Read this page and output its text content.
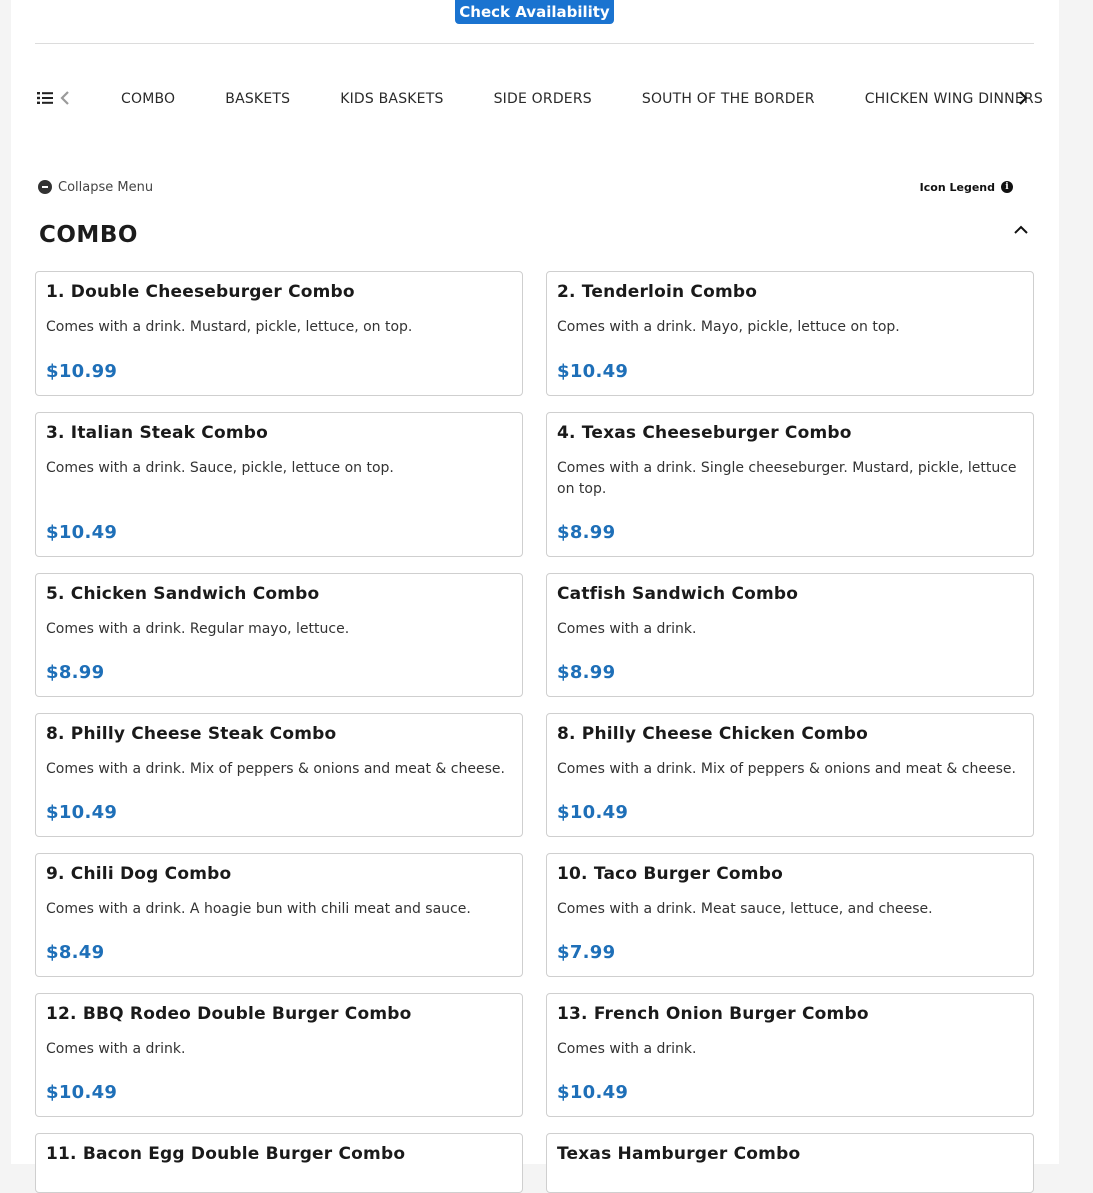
Check Availability
COMBO	BASKETS	KIDS BASKETS	SIDE ORDERS	SOUTH OF THE BORDER	CHICKEN WING DINNERS
Collapse Menu	Icon Legend	i
COMBO
1. Double Cheeseburger Combo
Comes with a drink. Mustard, pickle, lettuce, on top.
$10.99
2. Tenderloin Combo
Comes with a drink. Mayo, pickle, lettuce on top.
$10.49
3. Italian Steak Combo
Comes with a drink. Sauce, pickle, lettuce on top.
$10.49
4. Texas Cheeseburger Combo
Comes with a drink. Single cheeseburger. Mustard, pickle, lettuce on top.
$8.99
5. Chicken Sandwich Combo
Comes with a drink. Regular mayo, lettuce.
$8.99
Catfish Sandwich Combo
Comes with a drink.
$8.99
8. Philly Cheese Steak Combo
Comes with a drink. Mix of peppers & onions and meat & cheese.
$10.49
8. Philly Cheese Chicken Combo
Comes with a drink. Mix of peppers & onions and meat & cheese.
$10.49
9. Chili Dog Combo
Comes with a drink. A hoagie bun with chili meat and sauce.
$8.49
10. Taco Burger Combo
Comes with a drink. Meat sauce, lettuce, and cheese.
$7.99
12. BBQ Rodeo Double Burger Combo
Comes with a drink.
$10.49
13. French Onion Burger Combo
Comes with a drink.
$10.49
11. Bacon Egg Double Burger Combo	Texas Hamburger Combo
